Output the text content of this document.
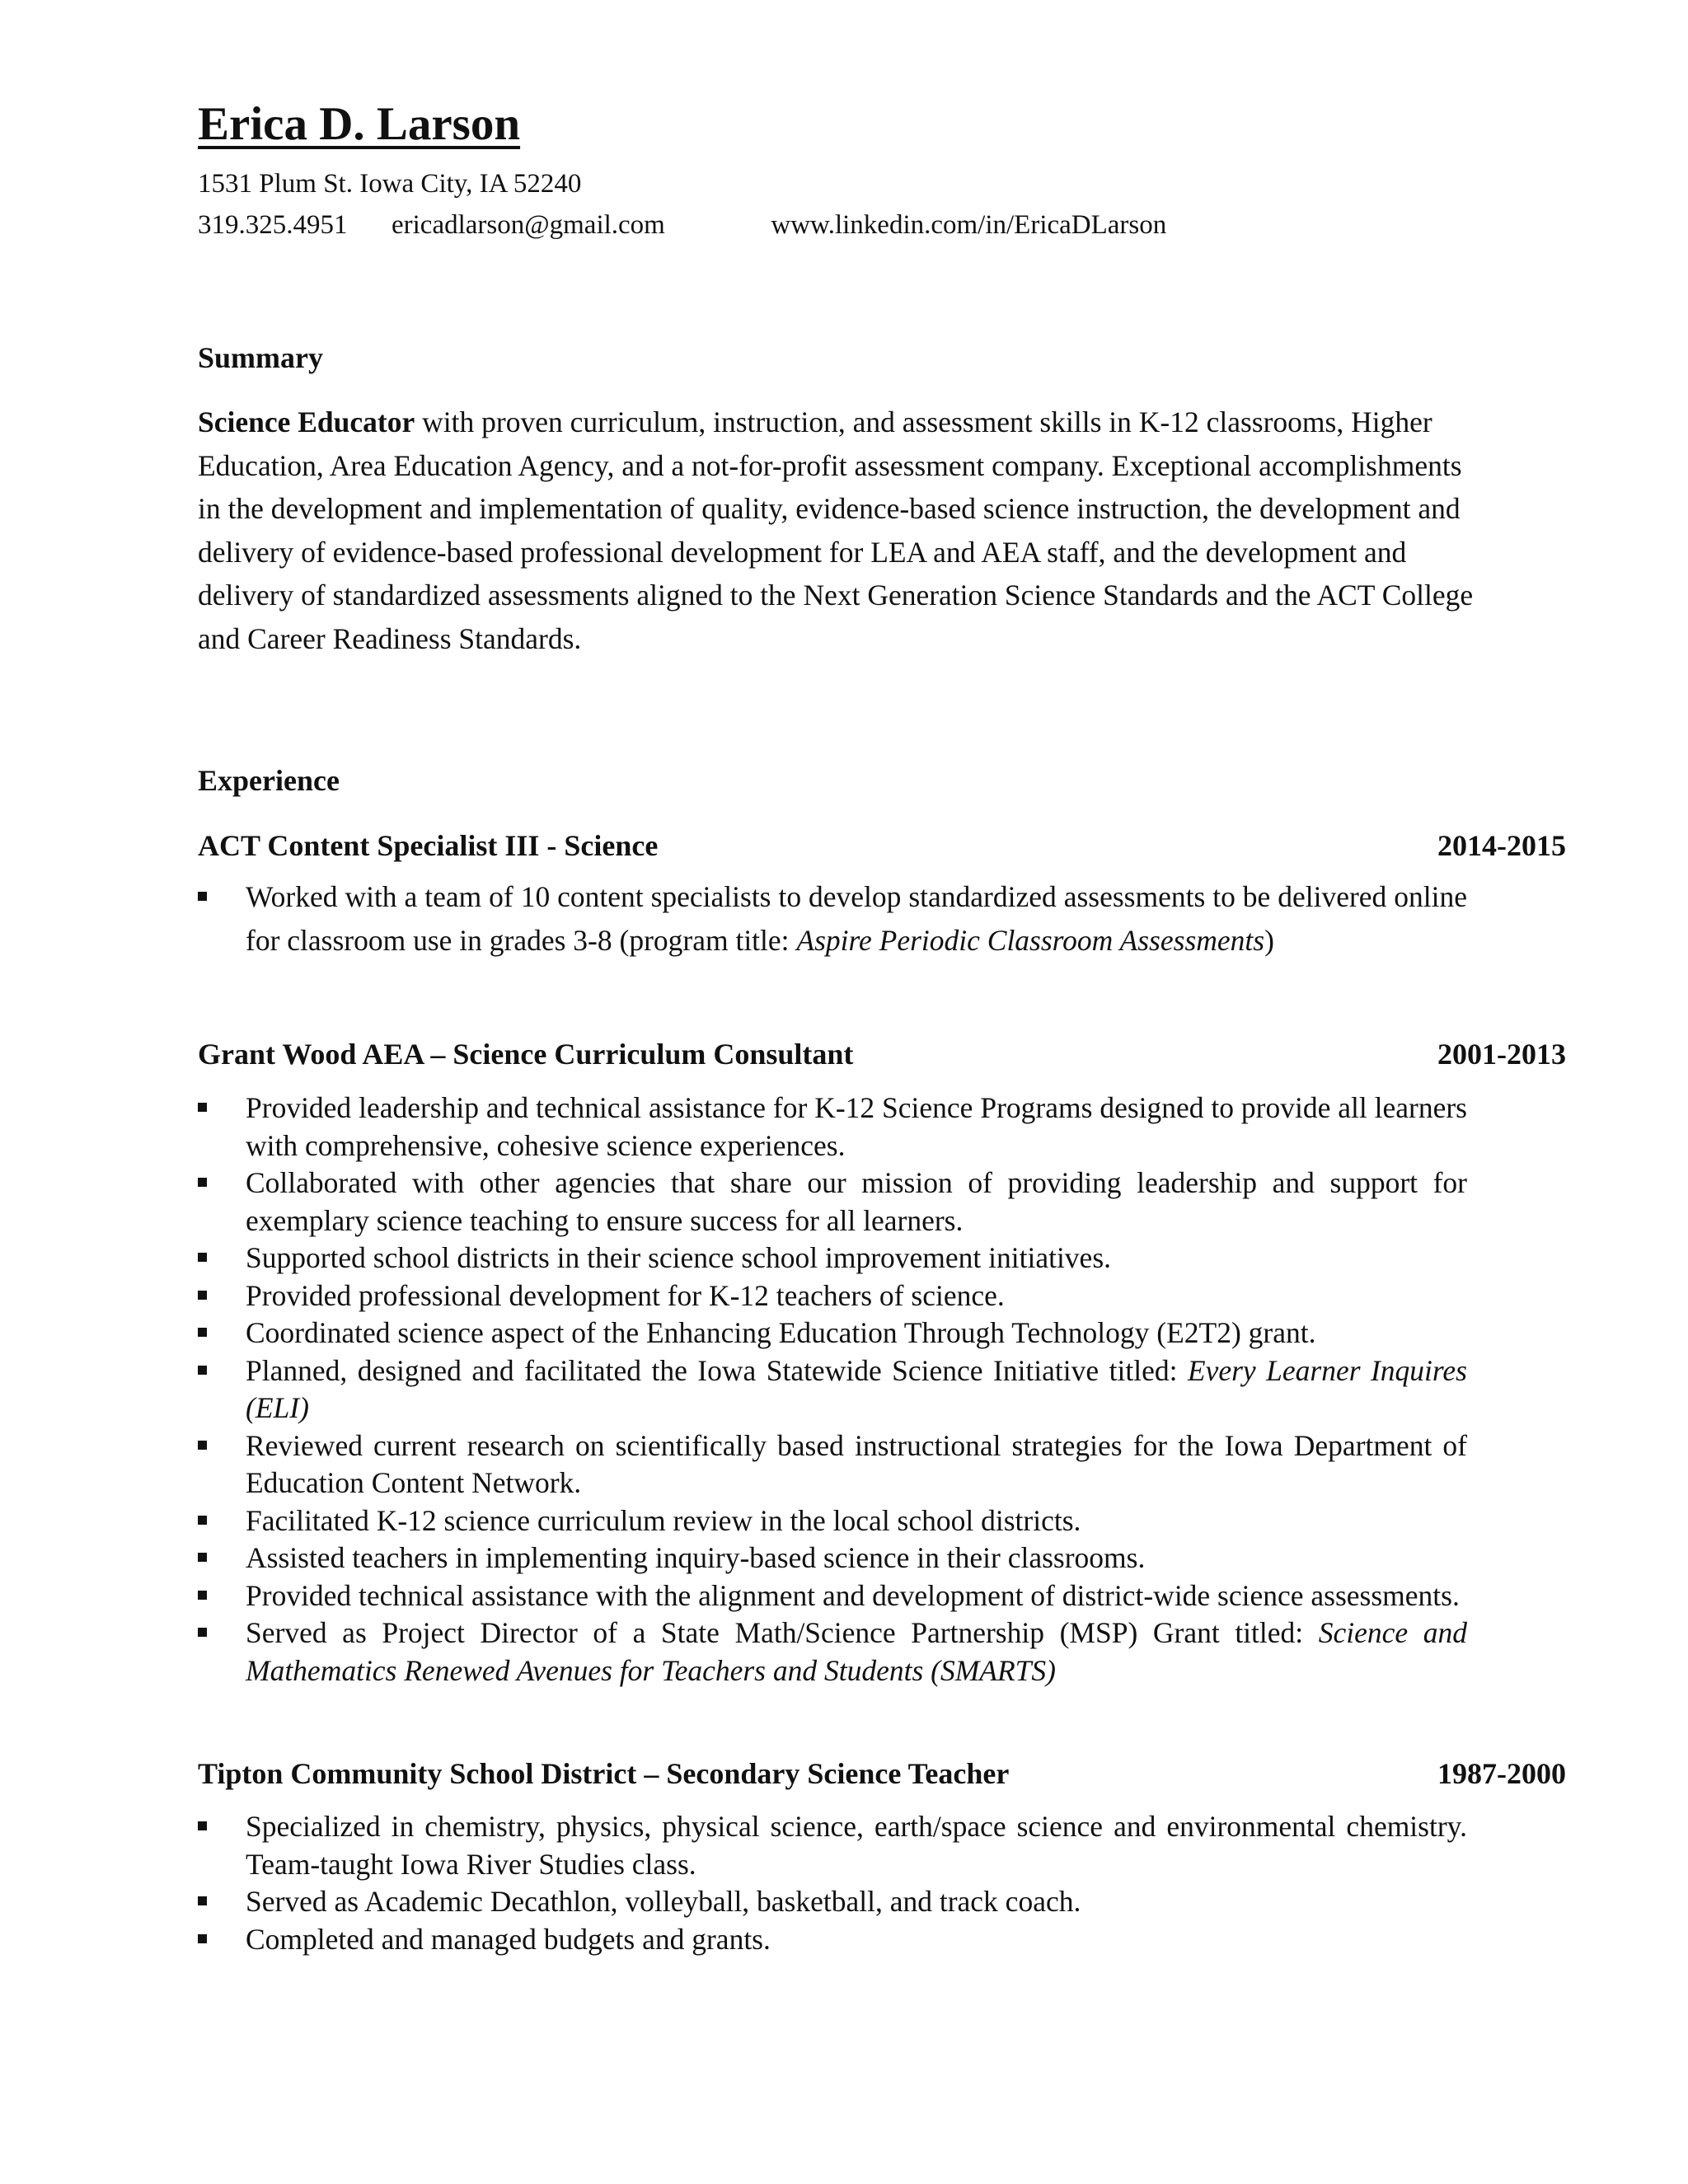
Erica D. Larson
1531 Plum St. Iowa City, IA 52240
319.325.4951 ericadlarson@gmail.com	www.linkedin.com/in/EricaDLarson
Summary

Science Educator with proven curriculum, instruction, and assessment skills in K-12 classrooms, Higher Education, Area Education Agency, and a not-for-profit assessment company. Exceptional accomplishments in the development and implementation of quality, evidence-based science instruction, the development and delivery of evidence-based professional development for LEA and AEA staff, and the development and delivery of standardized assessments aligned to the Next Generation Science Standards and the ACT College and Career Readiness Standards.

Experience
ACT Content Specialist III - Science	2014-2015
Worked with a team of 10 content specialists to develop standardized assessments to be delivered online for classroom use in grades 3-8 (program title: Aspire Periodic Classroom Assessments)
Grant Wood AEA – Science Curriculum Consultant	2001-2013
Provided leadership and technical assistance for K-12 Science Programs designed to provide all learners with comprehensive, cohesive science experiences.
Collaborated with other agencies that share our mission of providing leadership and support for exemplary science teaching to ensure success for all learners.
Supported school districts in their science school improvement initiatives.
Provided professional development for K-12 teachers of science.
Coordinated science aspect of the Enhancing Education Through Technology (E2T2) grant.
Planned, designed and facilitated the Iowa Statewide Science Initiative titled: Every Learner Inquires (ELI)
Reviewed current research on scientifically based instructional strategies for the Iowa Department of Education Content Network.
Facilitated K-12 science curriculum review in the local school districts.
Assisted teachers in implementing inquiry-based science in their classrooms.
Provided technical assistance with the alignment and development of district-wide science assessments.
Served as Project Director of a State Math/Science Partnership (MSP) Grant titled: Science and Mathematics Renewed Avenues for Teachers and Students (SMARTS)
Tipton Community School District – Secondary Science Teacher	1987-2000
Specialized in chemistry, physics, physical science, earth/space science and environmental chemistry. Team-taught Iowa River Studies class.
Served as Academic Decathlon, volleyball, basketball, and track coach.
Completed and managed budgets and grants.
